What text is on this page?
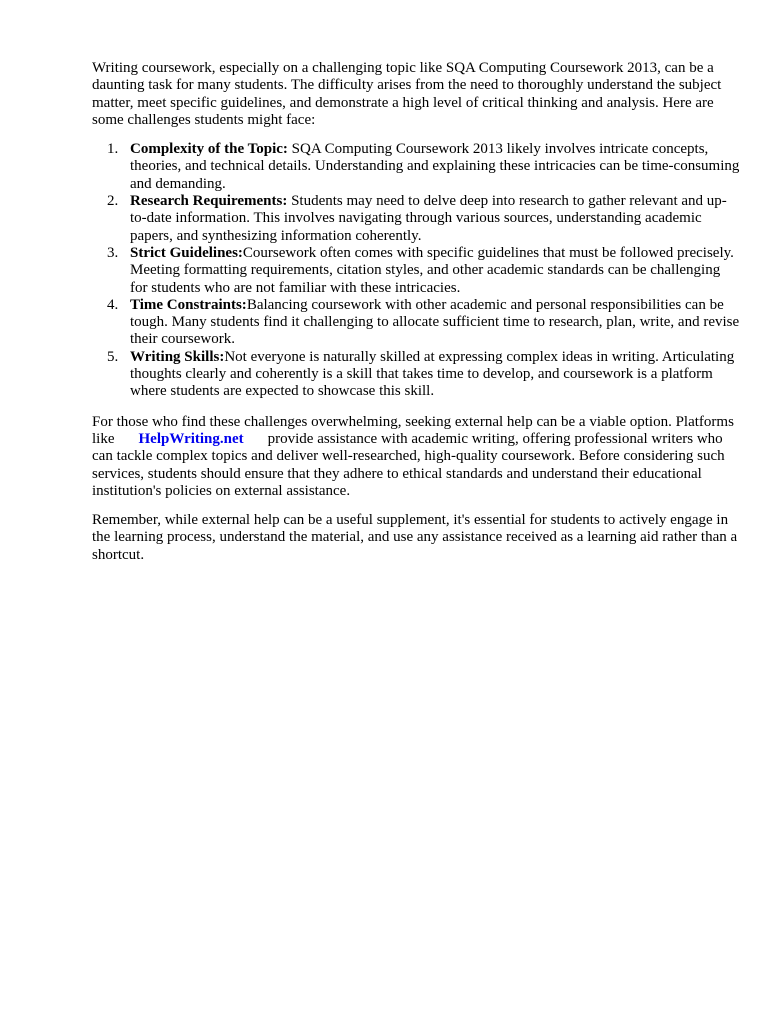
Writing coursework, especially on a challenging topic like SQA Computing Coursework 2013, can be a daunting task for many students. The difficulty arises from the need to thoroughly understand the subject matter, meet specific guidelines, and demonstrate a high level of critical thinking and analysis. Here are some challenges students might face:

1. Complexity of the Topic: SQA Computing Coursework 2013 likely involves intricate concepts, theories, and technical details. Understanding and explaining these intricacies can be time-consuming and demanding.
2. Research Requirements: Students may need to delve deep into research to gather relevant and up-to-date information. This involves navigating through various sources, understanding academic papers, and synthesizing information coherently.
3. Strict Guidelines:Coursework often comes with specific guidelines that must be followed precisely. Meeting formatting requirements, citation styles, and other academic standards can be challenging for students who are not familiar with these intricacies.
4. Time Constraints:Balancing coursework with other academic and personal responsibilities can be tough. Many students find it challenging to allocate sufficient time to research, plan, write, and revise their coursework.
5. Writing Skills:Not everyone is naturally skilled at expressing complex ideas in writing. Articulating thoughts clearly and coherently is a skill that takes time to develop, and coursework is a platform where students are expected to showcase this skill.

For those who find these challenges overwhelming, seeking external help can be a viable option. Platforms like HelpWriting.net provide assistance with academic writing, offering professional writers who can tackle complex topics and deliver well-researched, high-quality coursework. Before considering such services, students should ensure that they adhere to ethical standards and understand their educational institution's policies on external assistance.

Remember, while external help can be a useful supplement, it's essential for students to actively engage in the learning process, understand the material, and use any assistance received as a learning aid rather than a shortcut.
